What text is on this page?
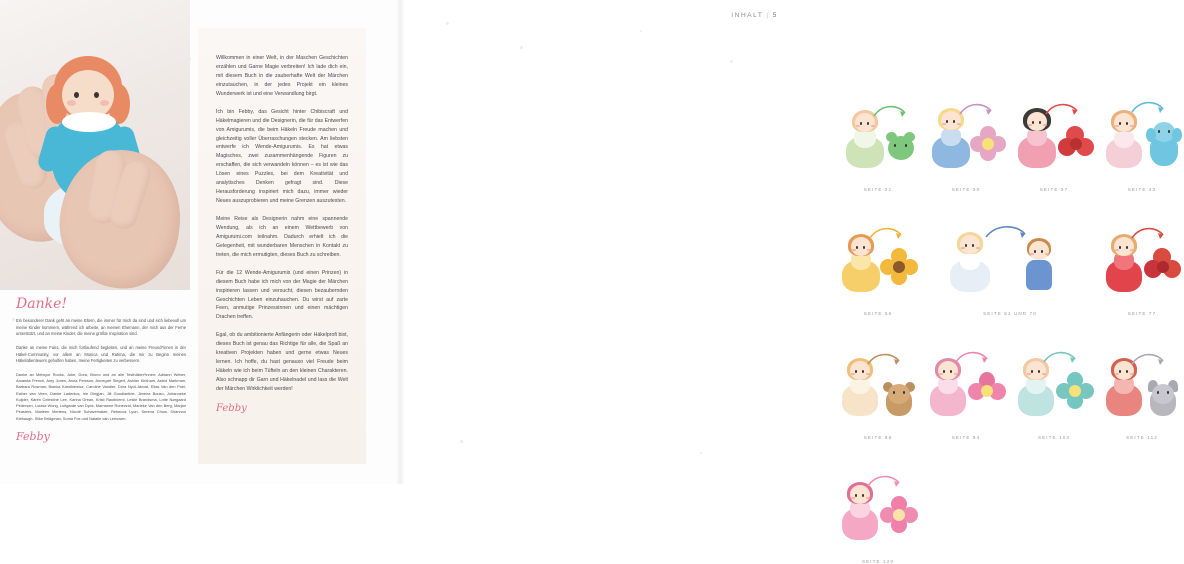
Danke!

Ein besonderer Dank geht an meine Eltern, die immer für mich da sind und sich liebevoll um meine Kinder kümmern, während ich arbeite, an meinen Ehemann, der mich aus der Ferne unterstützt, und an meine Kinder, die meine größte Inspiration sind.

Danke an meine Fans, die mich fortlaufend begleiten, und an meine Freund*innen in der Häkel-Community, vor allem an Monica und Ratima, die mir zu Beginn meines Häkelabenteuers geholfen haben, meine Fertigkeiten zu verbessern.

Danke an Melwyor Rooks, Joke, Dora, Bruno und an alle Testhäkler*innen: Adriann Weber, Amanda French, Amy Jones, Anna Persson, Annegret Siegert, Ashlàn Kirkham, Astrid Markman, Barbara Rosman, Bianka Karolkiewicz, Caroline Vandier, Dóra Nyúl-Jánosi, Elias Van den Poel, Esther van Veen, Danke Ladenius, Irie Dingjan, Jill Goodlantine, Jimena Bouso, Johanneke Kuijder, Karen Celestine Lee, Karina Grean, Kristi Rautiniemi, Leslie Brandsma, Lotte Nørgaard Pedersen, Louisa Wong, Luitgarde van Dyck, Marnanne Ronezzid, Marieke Van den Berg, Marjan Peasters, Marleen Mertens, Nicolé Schavemaker, Rebecca Lyon, Serena Chow, Shannon Kiebaugh, Silke Bridgman, Sonia Fox und Natalie van Leeuwen.

Febby

Willkommen in einer Welt, in der Maschen Geschichten erzählen und Garne Magie verbreiten! Ich lade dich ein, mit diesem Buch in die zauberhafte Welt der Märchen einzutauchen, in der jedes Projekt ein kleines Wunderwerk ist und eine Verwandlung birgt.

Ich bin Febby, das Gesicht hinter Chibiscraft und Häkelmagieren und die Designerin, die für das Entwerfen von Amigurumis, die beim Häkeln Freude machen und gleichzeitig voller Überraschungen stecken. Am liebsten entwerfe ich Wende-Amigurumis. Es hat etwas Magisches, zwei zusammenhängende Figuren zu erschaffen, die sich verwandeln können – es ist wie das Lösen eines Puzzles, bei dem Kreativität und analytisches Denken gefragt sind. Diese Herausforderung inspiriert mich dazu, immer wieder Neues auszuprobieren und meine Grenzen auszutesten.

Meine Reise als Designerin nahm eine spannende Wendung, als ich an einem Wettbewerb von Amigurumi.com teilnahm. Dadurch erhielt ich die Gelegenheit, mit wunderbaren Menschen in Kontakt zu treten, die mich ermutigten, dieses Buch zu schreiben.

Für die 12 Wende-Amigurumis (und einen Prinzen) in diesem Buch habe ich mich von der Magie der Märchen inspirieren lassen und versucht, diesen bezaubernden Geschichten Leben einzuhauchen. Du wirst auf zarte Feen, anmutige Prinzessinnen und einen mächtigen Drachen treffen.

Egal, ob du ambitionierte Anfängerin oder Häkelprofi bist, dieses Buch ist genau das Richtige für alle, die Spaß an kreativen Projekten haben und gerne etwas Neues lernen. Ich hoffe, du hast genauso viel Freude beim Häkeln wie ich beim Tüfteln an den kleinen Charakteren. Also schnapp dir Garn und Häkelnadel und lass die Welt der Märchen Wirklichkeit werden!

Febby
INHALT | 5
SEITE 21	SEITE 30	SEITE 37	SEITE 43
SEITE 56	SEITE 61 UND 70	SEITE 77
SEITE 88	SEITE 94	SEITE 103	SEITE 112
SEITE 120
